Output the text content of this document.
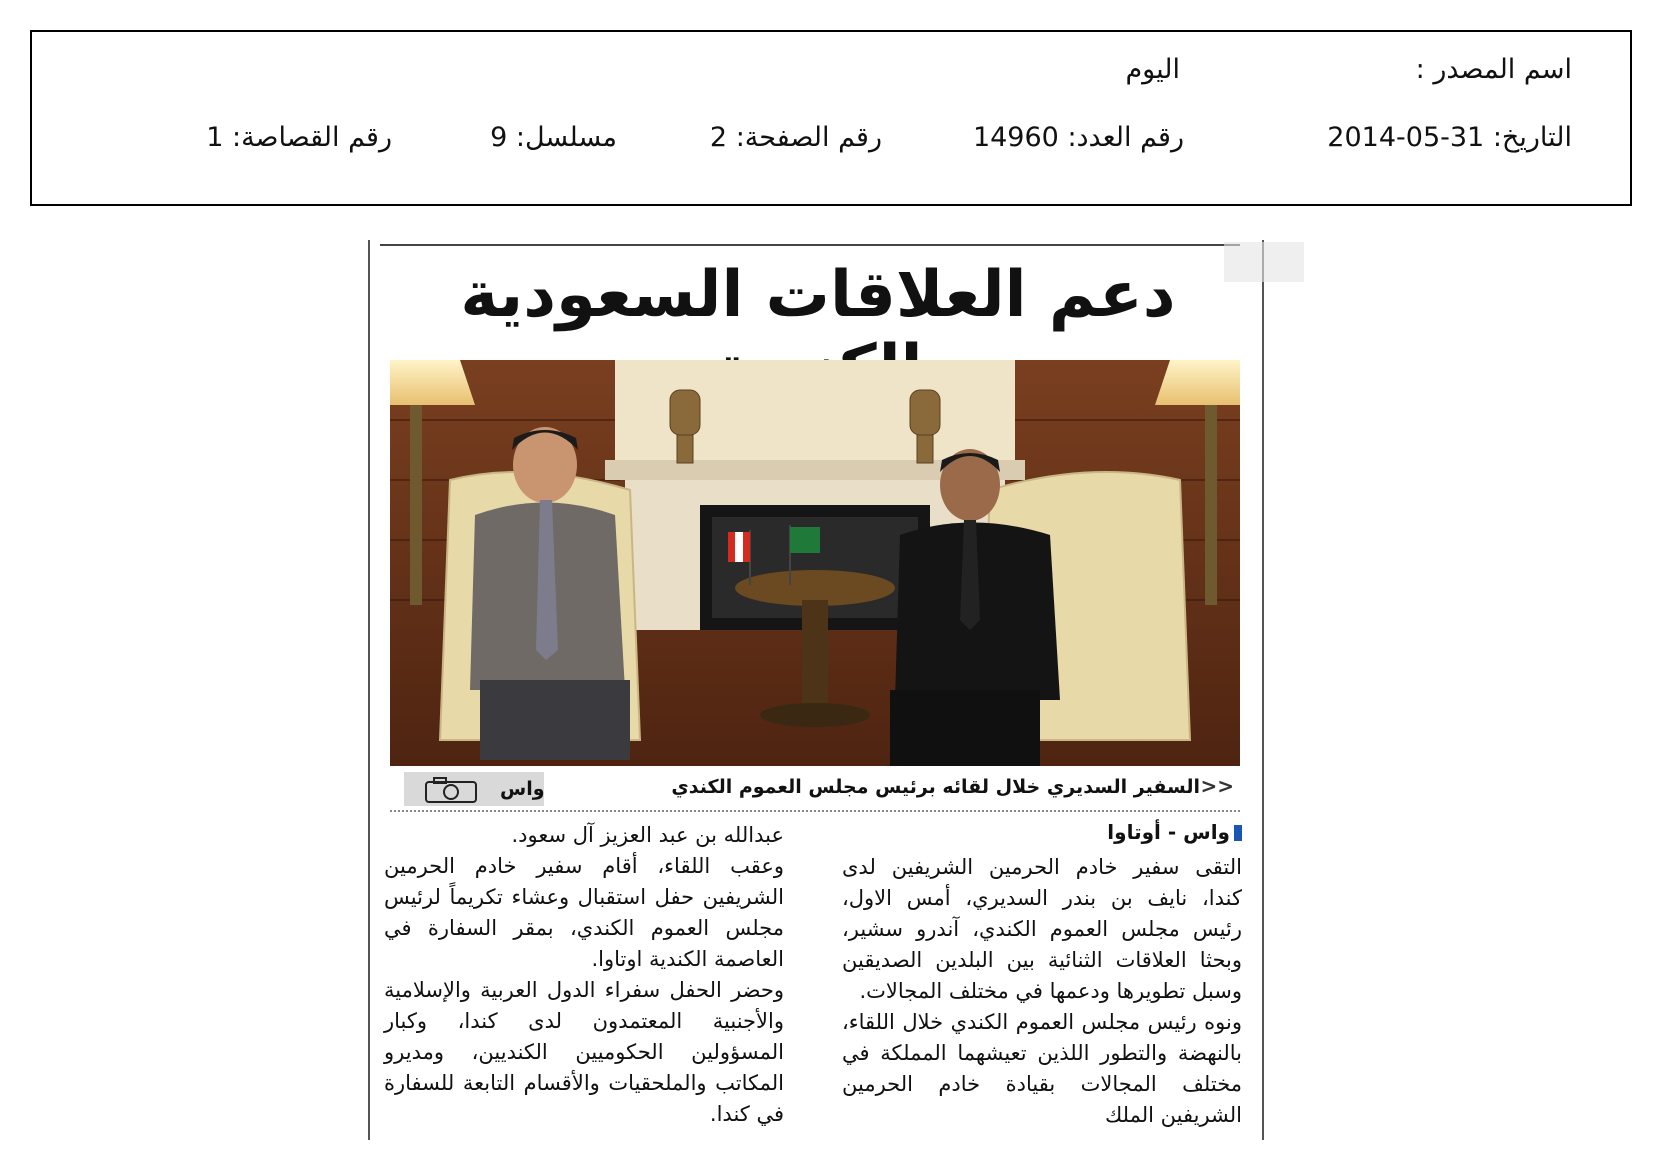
اسم المصدر :
اليوم
التاريخ: 31-05-2014
رقم العدد: 14960
رقم الصفحة: 2
مسلسل: 9
رقم القصاصة: 1
دعم العلاقات السعودية
<<
السفير السديري خلال لقائه برئيس مجلس العموم الكندي
واس
واس - أوتاوا

التقى سفير خادم الحرمين الشريفين لدى كندا، نايف بن بندر السديري، أمس الاول، رئيس مجلس العموم الكندي، آندرو سشير، وبحثا العلاقات الثنائية بين البلدين الصديقين وسبل تطويرها ودعمها في مختلف المجالات.

ونوه رئيس مجلس العموم الكندي خلال اللقاء، بالنهضة والتطور اللذين تعيشهما المملكة في مختلف المجالات بقيادة خادم الحرمين الشريفين الملك

عبدالله بن عبد العزيز آل سعود.

وعقب اللقاء، أقام سفير خادم الحرمين الشريفين حفل استقبال وعشاء تكريماً لرئيس مجلس العموم الكندي، بمقر السفارة في العاصمة الكندية اوتاوا.

وحضر الحفل سفراء الدول العربية والإسلامية والأجنبية المعتمدون لدى كندا، وكبار المسؤولين الحكوميين الكنديين، ومديرو المكاتب والملحقيات والأقسام التابعة للسفارة في كندا.
